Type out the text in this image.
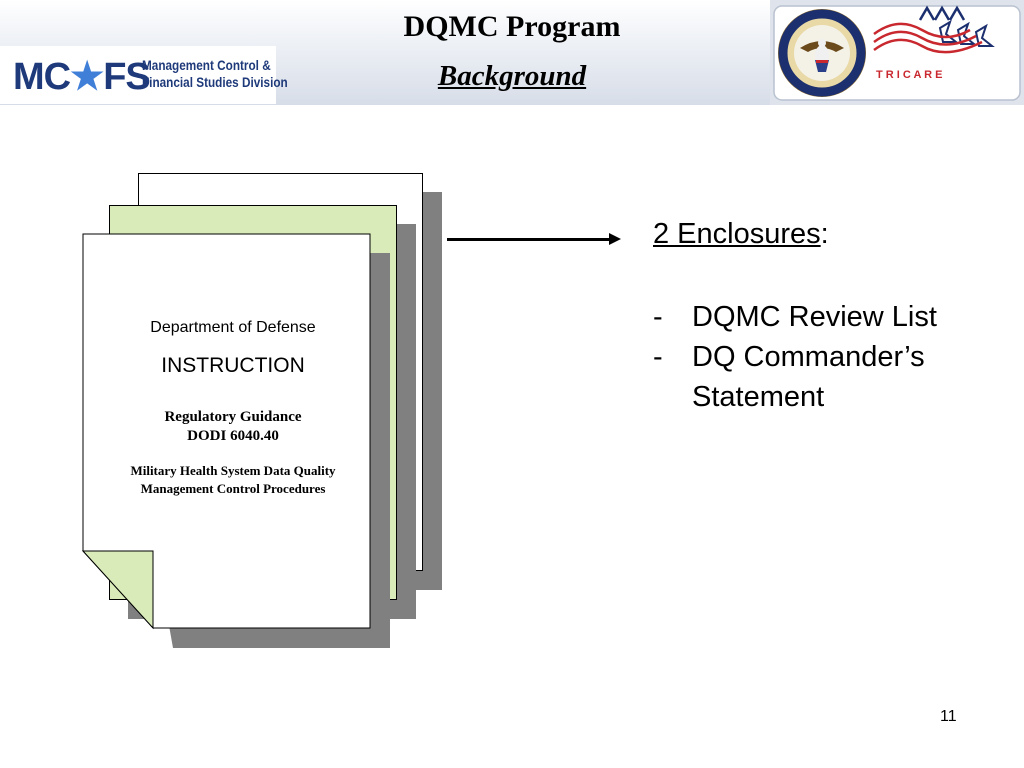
MC★FS
Management Control &
Financial Studies Division
DQMC Program
Background	T R I C A R E
Department of Defense
INSTRUCTION
Regulatory Guidance
DODI 6040.40
Military Health System Data Quality
Management Control Procedures
2 Enclosures:
- DQMC Review List
- DQ Commander’s
Statement
11
